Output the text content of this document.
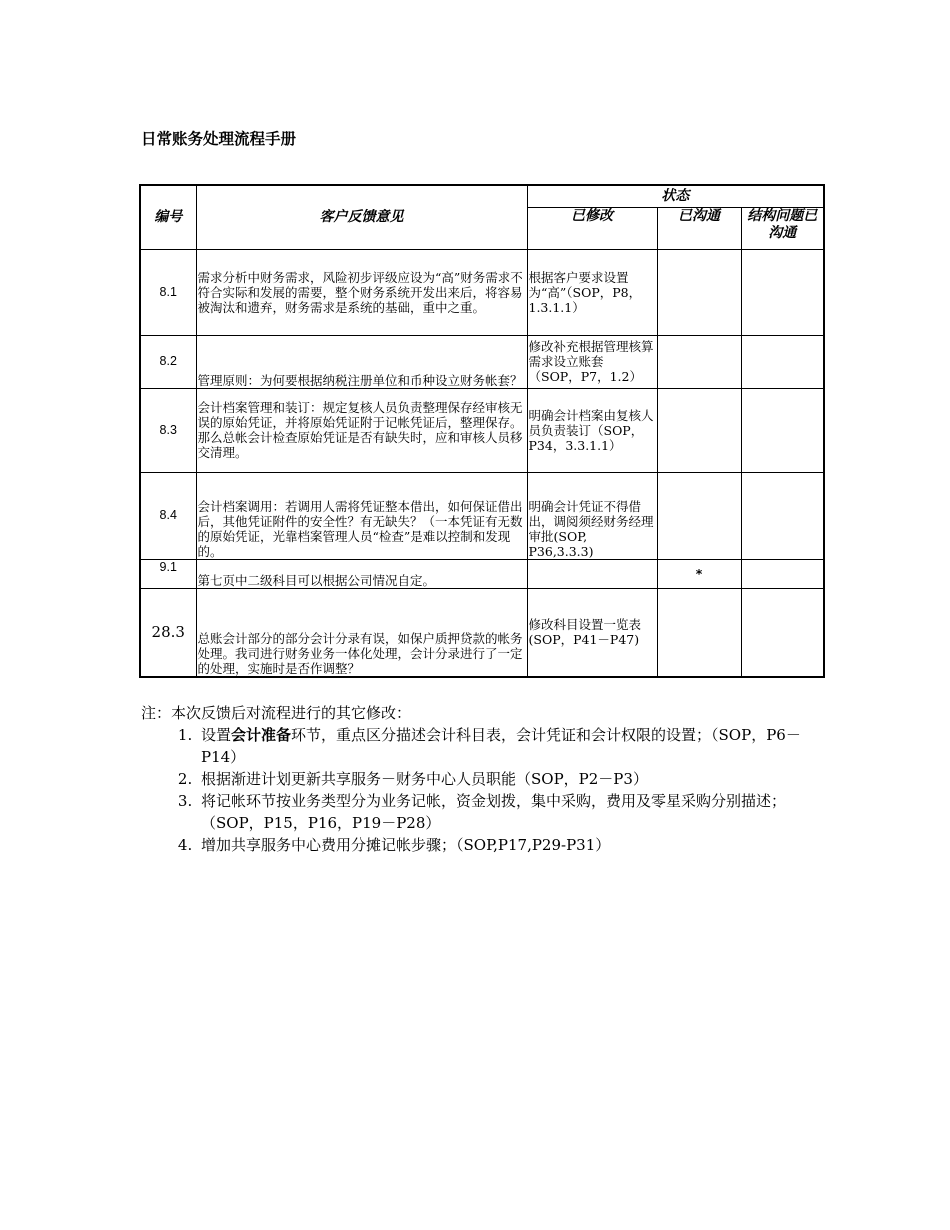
日常账务处理流程手册
编号	客户反馈意见	状态		
		已修改	已沟通	结构问题已沟通
8.1	需求分析中财务需求，风险初步评级应设为“高”财务需求不符合实际和发展的需要，整个财务系统开发出来后，将容易被淘汰和遗弃，财务需求是系统的基础，重中之重。	根据客户要求设置为“高”（SOP，P8，1.3.1.1）		
8.2	管理原则：为何要根据纳税注册单位和币种设立财务帐套？	修改补充根据管理核算需求设立账套（SOP，P7，1.2）		
8.3	会计档案管理和装订：规定复核人员负责整理保存经审核无误的原始凭证，并将原始凭证附于记帐凭证后，整理保存。那么总帐会计检查原始凭证是否有缺失时，应和审核人员移交清理。	明确会计档案由复核人员负责装订（SOP，P34，3.3.1.1）		
8.4	会计档案调用：若调用人需将凭证整本借出，如何保证借出后，其他凭证附件的安全性？有无缺失？（一本凭证有无数的原始凭证，光靠档案管理人员“检查”是难以控制和发现的。	明确会计凭证不得借出，调阅须经财务经理审批(SOP, P36,3.3.3)		
9.1	第七页中二级科目可以根据公司情况自定。		*	
28.3	总账会计部分的部分会计分录有误，如保户质押贷款的帐务处理。我司进行财务业务一体化处理，会计分录进行了一定的处理，实施时是否作调整？	修改科目设置一览表(SOP，P41－P47)		
注：本次反馈后对流程进行的其它修改：
1. 设置会计准备环节，重点区分描述会计科目表，会计凭证和会计权限的设置；（SOP，P6－P14）
2. 根据渐进计划更新共享服务－财务中心人员职能（SOP，P2－P3）
3. 将记帐环节按业务类型分为业务记帐，资金划拨，集中采购，费用及零星采购分别描述；（SOP，P15，P16，P19－P28）
4. 增加共享服务中心费用分摊记帐步骤；（SOP,P17,P29-P31）
